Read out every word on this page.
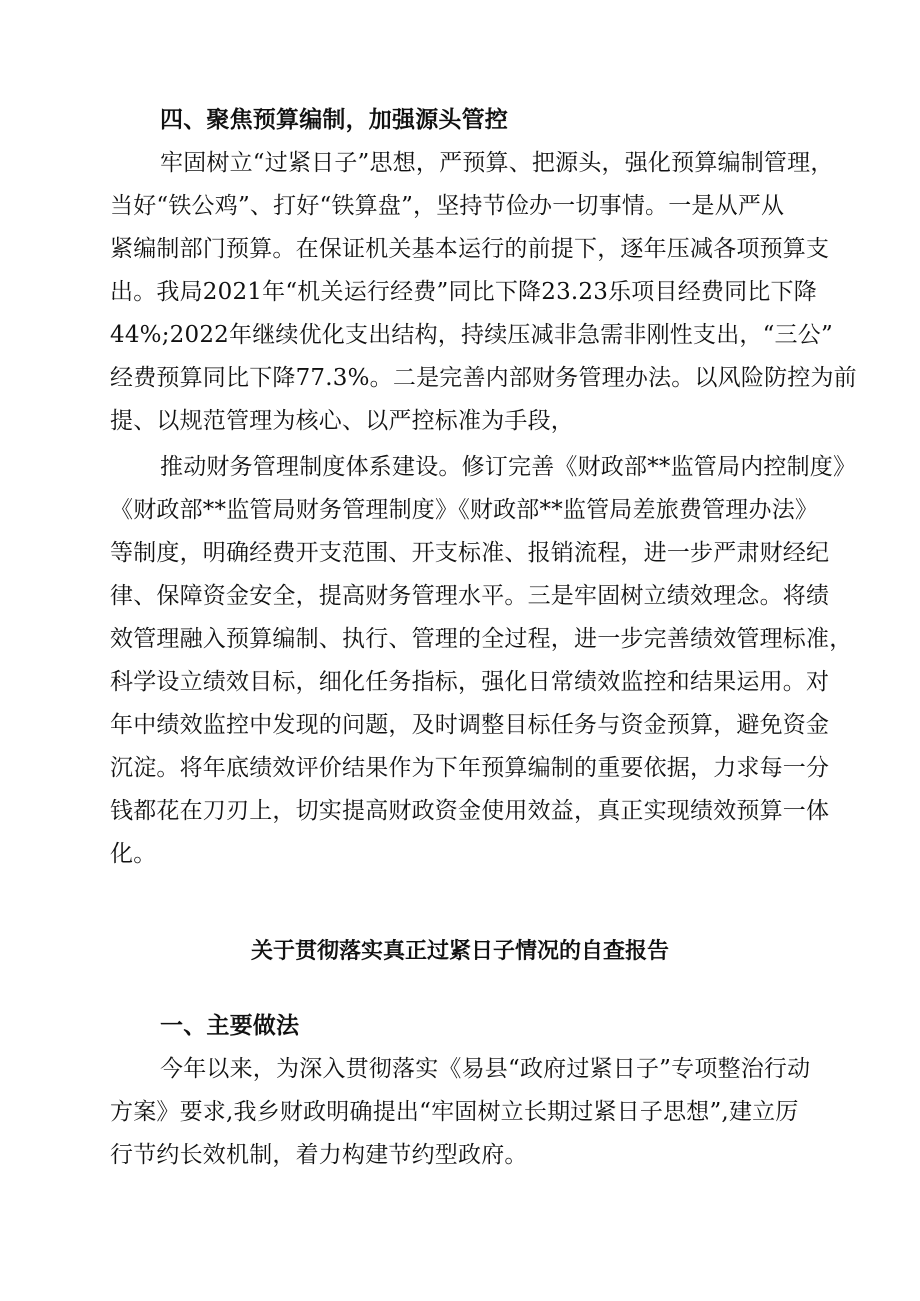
四、聚焦预算编制，加强源头管控
牢固树立“过紧日子”思想，严预算、把源头，强化预算编制管理，
当好“铁公鸡”、打好“铁算盘”，坚持节俭办一切事情。一是从严从
紧编制部门预算。在保证机关基本运行的前提下，逐年压减各项预算支
出。我局2021年“机关运行经费”同比下降23.23乐项目经费同比下降
44%;2022年继续优化支出结构，持续压减非急需非刚性支出，“三公”
经费预算同比下降77.3%。二是完善内部财务管理办法。以风险防控为前
提、以规范管理为核心、以严控标准为手段，
推动财务管理制度体系建设。修订完善《财政部**监管局内控制度》
《财政部**监管局财务管理制度》《财政部**监管局差旅费管理办法》
等制度，明确经费开支范围、开支标准、报销流程，进一步严肃财经纪
律、保障资金安全，提高财务管理水平。三是牢固树立绩效理念。将绩
效管理融入预算编制、执行、管理的全过程，进一步完善绩效管理标准，
科学设立绩效目标，细化任务指标，强化日常绩效监控和结果运用。对
年中绩效监控中发现的问题，及时调整目标任务与资金预算，避免资金
沉淀。将年底绩效评价结果作为下年预算编制的重要依据，力求每一分
钱都花在刀刃上，切实提高财政资金使用效益，真正实现绩效预算一体
化。
关于贯彻落实真正过紧日子情况的自查报告
一、主要做法
今年以来，为深入贯彻落实《易县“政府过紧日子”专项整治行动
方案》要求,我乡财政明确提出“牢固树立长期过紧日子思想”,建立厉
行节约长效机制，着力构建节约型政府。
